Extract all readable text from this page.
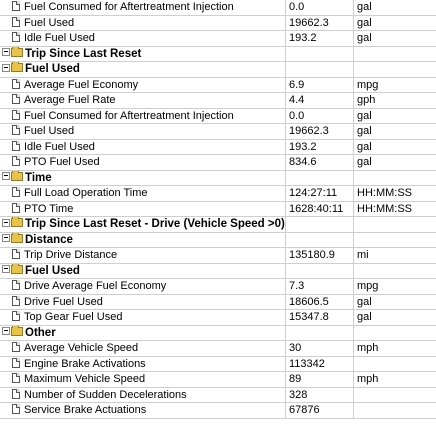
Fuel Consumed for Aftertreatment Injection	0.0	gal
Fuel Used	19662.3	gal
Idle Fuel Used	193.2	gal
Trip Since Last Reset
Fuel Used
Average Fuel Economy	6.9	mpg
Average Fuel Rate	4.4	gph
Fuel Consumed for Aftertreatment Injection	0.0	gal
Fuel Used	19662.3	gal
Idle Fuel Used	193.2	gal
PTO Fuel Used	834.6	gal
Time
Full Load Operation Time	124:27:11	HH:MM:SS
PTO Time	1628:40:11	HH:MM:SS
Trip Since Last Reset - Drive (Vehicle Speed >0)
Distance
Trip Drive Distance	135180.9	mi
Fuel Used
Drive Average Fuel Economy	7.3	mpg
Drive Fuel Used	18606.5	gal
Top Gear Fuel Used	15347.8	gal
Other
Average Vehicle Speed	30	mph
Engine Brake Activations	113342
Maximum Vehicle Speed	89	mph
Number of Sudden Decelerations	328
Service Brake Actuations	67876
